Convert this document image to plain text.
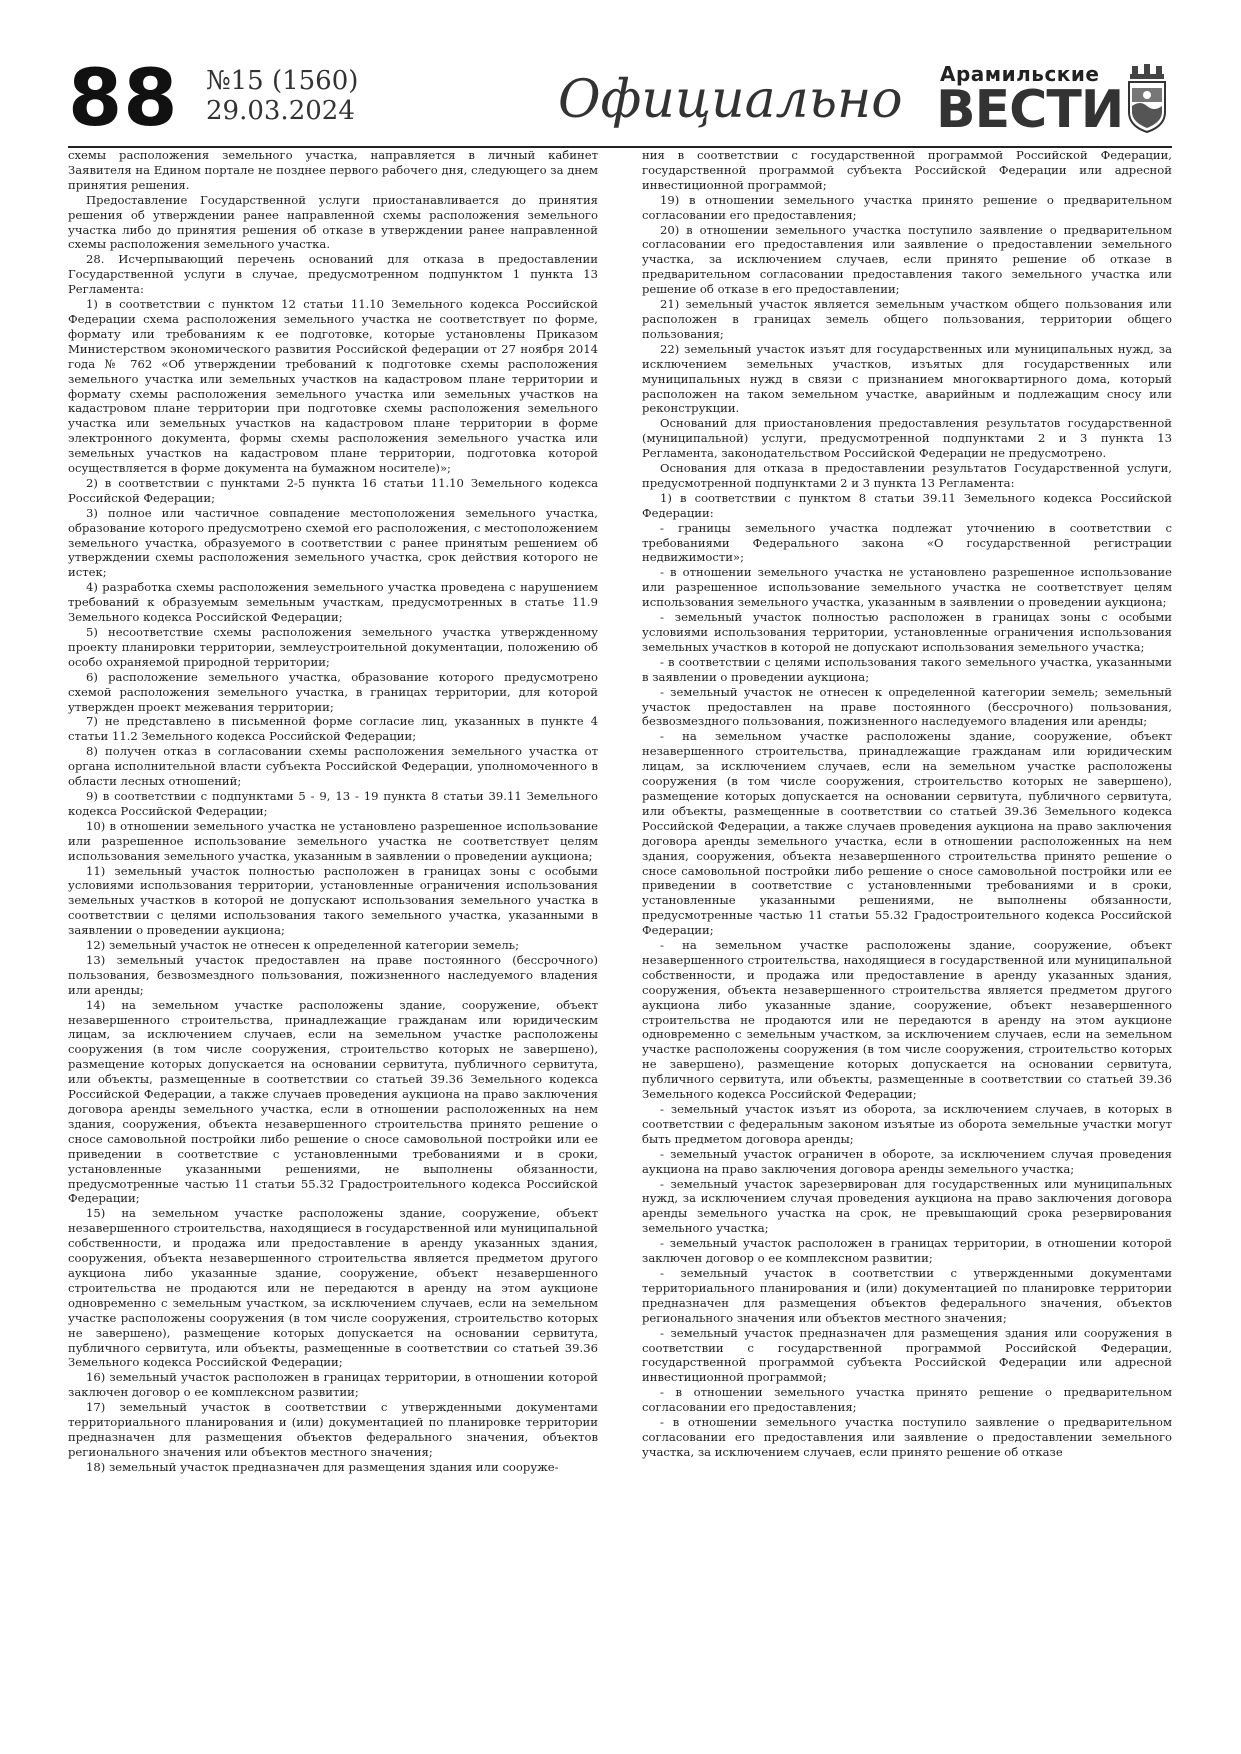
88 №15 (1560)
29.03.2024	Официально Арамильские
ВЕСТИ

схемы расположения земельного участка, направляется в личный кабинет Заявителя на Едином портале не позднее первого рабочего дня, следующего за днем принятия решения.

Предоставление Государственной услуги приостанавливается до принятия решения об утверждении ранее направленной схемы расположения земельного участка либо до принятия решения об отказе в утверждении ранее направленной схемы расположения земельного участка.

28. Исчерпывающий перечень оснований для отказа в предоставлении Государственной услуги в случае, предусмотренном подпунктом 1 пункта 13 Регламента:

1) в соответствии с пунктом 12 статьи 11.10 Земельного кодекса Российской Федерации схема расположения земельного участка не соответствует по форме, формату или требованиям к ее подготовке, которые установлены Приказом Министерством экономического развития Российской федерации от 27 ноября 2014 года № 762 «Об утверждении требований к подготовке схемы расположения земельного участка или земельных участков на кадастровом плане территории и формату схемы расположения земельного участка или земельных участков на кадастровом плане территории при подготовке схемы расположения земельного участка или земельных участков на кадастровом плане территории в форме электронного документа, формы схемы расположения земельного участка или земельных участков на кадастровом плане территории, подготовка которой осуществляется в форме документа на бумажном носителе)»;

2) в соответствии с пунктами 2-5 пункта 16 статьи 11.10 Земельного кодекса Российской Федерации;

3) полное или частичное совпадение местоположения земельного участка, образование которого предусмотрено схемой его расположения, с местоположением земельного участка, образуемого в соответствии с ранее принятым решением об утверждении схемы расположения земельного участка, срок действия которого не истек;

4) разработка схемы расположения земельного участка проведена с нарушением требований к образуемым земельным участкам, предусмотренных в статье 11.9 Земельного кодекса Российской Федерации;

5) несоответствие схемы расположения земельного участка утвержденному проекту планировки территории, землеустроительной документации, положению об особо охраняемой природной территории;

6) расположение земельного участка, образование которого предусмотрено схемой расположения земельного участка, в границах территории, для которой утвержден проект межевания территории;

7) не представлено в письменной форме согласие лиц, указанных в пункте 4 статьи 11.2 Земельного кодекса Российской Федерации;

8) получен отказ в согласовании схемы расположения земельного участка от органа исполнительной власти субъекта Российской Федерации, уполномоченного в области лесных отношений;

9) в соответствии с подпунктами 5 - 9, 13 - 19 пункта 8 статьи 39.11 Земельного кодекса Российской Федерации;

10) в отношении земельного участка не установлено разрешенное использование или разрешенное использование земельного участка не соответствует целям использования земельного участка, указанным в заявлении о проведении аукциона;

11) земельный участок полностью расположен в границах зоны с особыми условиями использования территории, установленные ограничения использования земельных участков в которой не допускают использования земельного участка в соответствии с целями использования такого земельного участка, указанными в заявлении о проведении аукциона;

12) земельный участок не отнесен к определенной категории земель;

13) земельный участок предоставлен на праве постоянного (бессрочного) пользования, безвозмездного пользования, пожизненного наследуемого владения или аренды;

14) на земельном участке расположены здание, сооружение, объект незавершенного строительства, принадлежащие гражданам или юридическим лицам, за исключением случаев, если на земельном участке расположены сооружения (в том числе сооружения, строительство которых не завершено), размещение которых допускается на основании сервитута, публичного сервитута, или объекты, размещенные в соответствии со статьей 39.36 Земельного кодекса Российской Федерации, а также случаев проведения аукциона на право заключения договора аренды земельного участка, если в отношении расположенных на нем здания, сооружения, объекта незавершенного строительства принято решение о сносе самовольной постройки либо решение о сносе самовольной постройки или ее приведении в соответствие с установленными требованиями и в сроки, установленные указанными решениями, не выполнены обязанности, предусмотренные частью 11 статьи 55.32 Градостроительного кодекса Российской Федерации;

15) на земельном участке расположены здание, сооружение, объект незавершенного строительства, находящиеся в государственной или муниципальной собственности, и продажа или предоставление в аренду указанных здания, сооружения, объекта незавершенного строительства является предметом другого аукциона либо указанные здание, сооружение, объект незавершенного строительства не продаются или не передаются в аренду на этом аукционе одновременно с земельным участком, за исключением случаев, если на земельном участке расположены сооружения (в том числе сооружения, строительство которых не завершено), размещение которых допускается на основании сервитута, публичного сервитута, или объекты, размещенные в соответствии со статьей 39.36 Земельного кодекса Российской Федерации;

16) земельный участок расположен в границах территории, в отношении которой заключен договор о ее комплексном развитии;

17) земельный участок в соответствии с утвержденными документами территориального планирования и (или) документацией по планировке территории предназначен для размещения объектов федерального значения, объектов регионального значения или объектов местного значения;

18) земельный участок предназначен для размещения здания или сооруже-

ния в соответствии с государственной программой Российской Федерации, государственной программой субъекта Российской Федерации или адресной инвестиционной программой;

19) в отношении земельного участка принято решение о предварительном согласовании его предоставления;

20) в отношении земельного участка поступило заявление о предварительном согласовании его предоставления или заявление о предоставлении земельного участка, за исключением случаев, если принято решение об отказе в предварительном согласовании предоставления такого земельного участка или решение об отказе в его предоставлении;

21) земельный участок является земельным участком общего пользования или расположен в границах земель общего пользования, территории общего пользования;

22) земельный участок изъят для государственных или муниципальных нужд, за исключением земельных участков, изъятых для государственных или муниципальных нужд в связи с признанием многоквартирного дома, который расположен на таком земельном участке, аварийным и подлежащим сносу или реконструкции.

Оснований для приостановления предоставления результатов государственной (муниципальной) услуги, предусмотренной подпунктами 2 и 3 пункта 13 Регламента, законодательством Российской Федерации не предусмотрено.

Основания для отказа в предоставлении результатов Государственной услуги, предусмотренной подпунктами 2 и 3 пункта 13 Регламента:

1) в соответствии с пунктом 8 статьи 39.11 Земельного кодекса Российской Федерации:

- границы земельного участка подлежат уточнению в соответствии с требованиями Федерального закона «О государственной регистрации недвижимости»;

- в отношении земельного участка не установлено разрешенное использование или разрешенное использование земельного участка не соответствует целям использования земельного участка, указанным в заявлении о проведении аукциона;

- земельный участок полностью расположен в границах зоны с особыми условиями использования территории, установленные ограничения использования земельных участков в которой не допускают использования земельного участка;

- в соответствии с целями использования такого земельного участка, указанными в заявлении о проведении аукциона;

- земельный участок не отнесен к определенной категории земель; земельный участок предоставлен на праве постоянного (бессрочного) пользования, безвозмездного пользования, пожизненного наследуемого владения или аренды;

- на земельном участке расположены здание, сооружение, объект незавершенного строительства, принадлежащие гражданам или юридическим лицам, за исключением случаев, если на земельном участке расположены сооружения (в том числе сооружения, строительство которых не завершено), размещение которых допускается на основании сервитута, публичного сервитута, или объекты, размещенные в соответствии со статьей 39.36 Земельного кодекса Российской Федерации, а также случаев проведения аукциона на право заключения договора аренды земельного участка, если в отношении расположенных на нем здания, сооружения, объекта незавершенного строительства принято решение о сносе самовольной постройки либо решение о сносе самовольной постройки или ее приведении в соответствие с установленными требованиями и в сроки, установленные указанными решениями, не выполнены обязанности, предусмотренные частью 11 статьи 55.32 Градостроительного кодекса Российской Федерации;

- на земельном участке расположены здание, сооружение, объект незавершенного строительства, находящиеся в государственной или муниципальной собственности, и продажа или предоставление в аренду указанных здания, сооружения, объекта незавершенного строительства является предметом другого аукциона либо указанные здание, сооружение, объект незавершенного строительства не продаются или не передаются в аренду на этом аукционе одновременно с земельным участком, за исключением случаев, если на земельном участке расположены сооружения (в том числе сооружения, строительство которых не завершено), размещение которых допускается на основании сервитута, публичного сервитута, или объекты, размещенные в соответствии со статьей 39.36 Земельного кодекса Российской Федерации;

- земельный участок изъят из оборота, за исключением случаев, в которых в соответствии с федеральным законом изъятые из оборота земельные участки могут быть предметом договора аренды;

- земельный участок ограничен в обороте, за исключением случая проведения аукциона на право заключения договора аренды земельного участка;

- земельный участок зарезервирован для государственных или муниципальных нужд, за исключением случая проведения аукциона на право заключения договора аренды земельного участка на срок, не превышающий срока резервирования земельного участка;

- земельный участок расположен в границах территории, в отношении которой заключен договор о ее комплексном развитии;

- земельный участок в соответствии с утвержденными документами территориального планирования и (или) документацией по планировке территории предназначен для размещения объектов федерального значения, объектов регионального значения или объектов местного значения;

- земельный участок предназначен для размещения здания или сооружения в соответствии с государственной программой Российской Федерации, государственной программой субъекта Российской Федерации или адресной инвестиционной программой;

- в отношении земельного участка принято решение о предварительном согласовании его предоставления;

- в отношении земельного участка поступило заявление о предварительном согласовании его предоставления или заявление о предоставлении земельного участка, за исключением случаев, если принято решение об отказе
